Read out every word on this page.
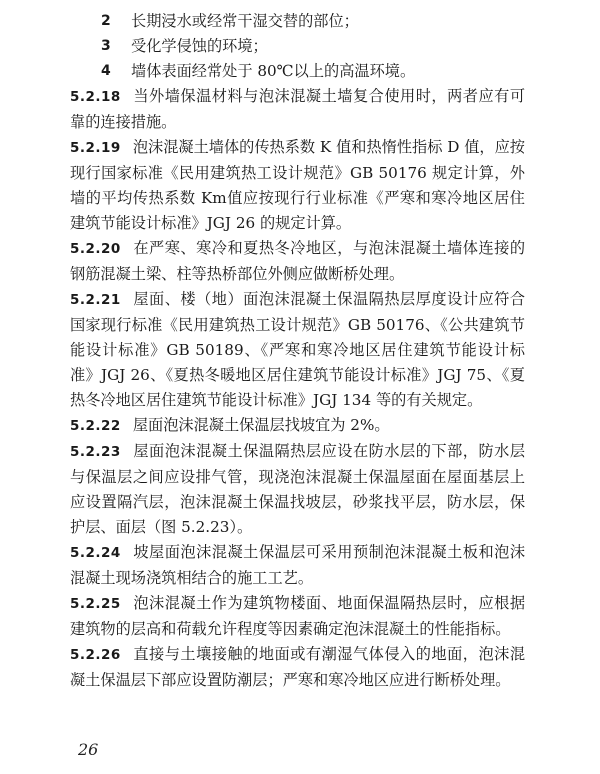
2 长期浸水或经常干湿交替的部位；
3 受化学侵蚀的环境；
4 墙体表面经常处于 80℃以上的高温环境。

5.2.18 当外墙保温材料与泡沫混凝土墙复合使用时，两者应有可靠的连接措施。

5.2.19 泡沫混凝土墙体的传热系数 K 值和热惰性指标 D 值，应按现行国家标准《民用建筑热工设计规范》GB 50176 规定计算，外墙的平均传热系数 Km值应按现行行业标准《严寒和寒冷地区居住建筑节能设计标准》JGJ 26 的规定计算。

5.2.20 在严寒、寒冷和夏热冬冷地区，与泡沫混凝土墙体连接的钢筋混凝土梁、柱等热桥部位外侧应做断桥处理。

5.2.21 屋面、楼（地）面泡沫混凝土保温隔热层厚度设计应符合国家现行标准《民用建筑热工设计规范》GB 50176、《公共建筑节能设计标准》GB 50189、《严寒和寒冷地区居住建筑节能设计标准》JGJ 26、《夏热冬暖地区居住建筑节能设计标准》JGJ 75、《夏热冬冷地区居住建筑节能设计标准》JGJ 134 等的有关规定。

5.2.22 屋面泡沫混凝土保温层找坡宜为 2%。

5.2.23 屋面泡沫混凝土保温隔热层应设在防水层的下部，防水层与保温层之间应设排气管，现浇泡沫混凝土保温屋面在屋面基层上应设置隔汽层，泡沫混凝土保温找坡层，砂浆找平层，防水层，保护层、面层（图 5.2.23）。

5.2.24 坡屋面泡沫混凝土保温层可采用预制泡沫混凝土板和泡沫混凝土现场浇筑相结合的施工工艺。

5.2.25 泡沫混凝土作为建筑物楼面、地面保温隔热层时，应根据建筑物的层高和荷载允许程度等因素确定泡沫混凝土的性能指标。

5.2.26 直接与土壤接触的地面或有潮湿气体侵入的地面，泡沫混凝土保温层下部应设置防潮层；严寒和寒冷地区应进行断桥处理。

26
